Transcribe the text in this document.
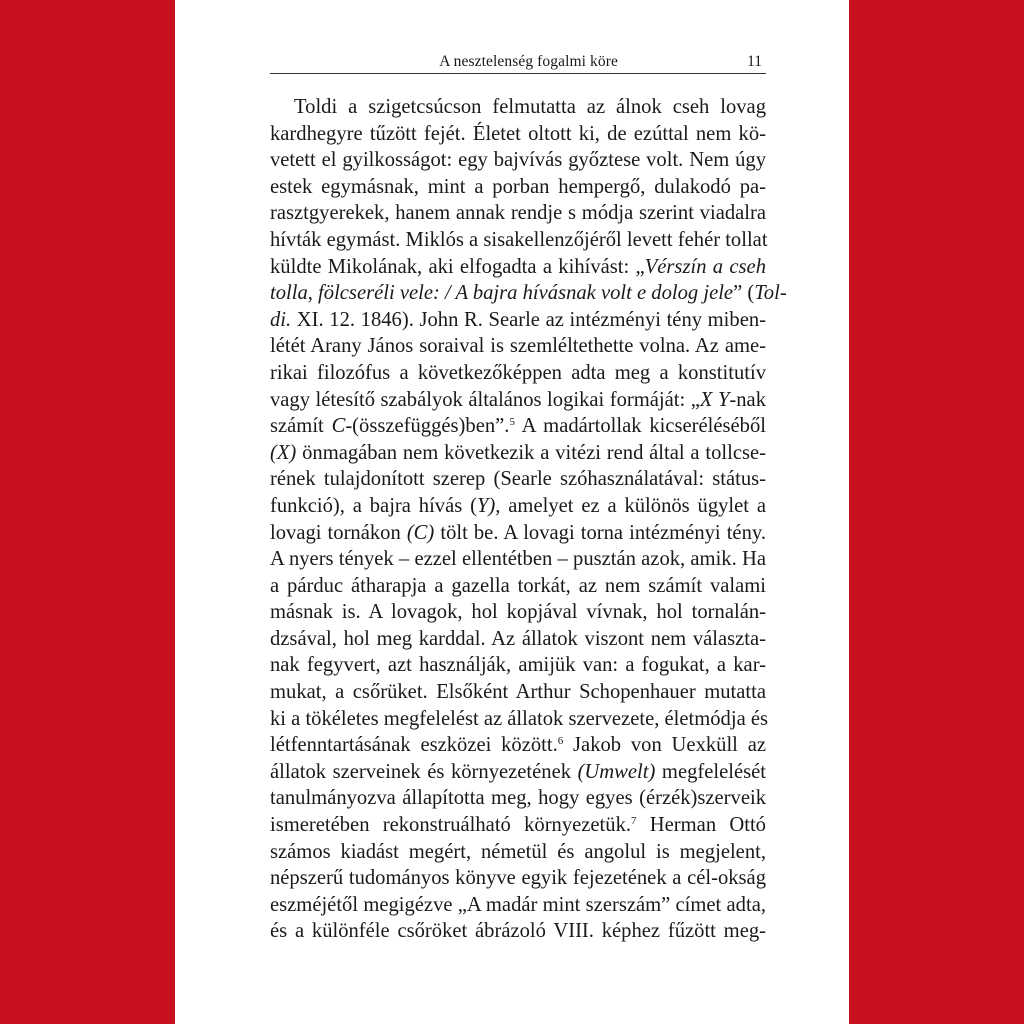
A nesztelenség fogalmi köre	11
Toldi a szigetcsúcson felmutatta az álnok cseh lovag
kardhegyre tűzött fejét. Életet oltott ki, de ezúttal nem kö-
vetett el gyilkosságot: egy bajvívás győztese volt. Nem úgy
estek egymásnak, mint a porban hempergő, dulakodó pa-
rasztgyerekek, hanem annak rendje s módja szerint viadalra
hívták egymást. Miklós a sisakellenzőjéről levett fehér tollat
küldte Mikolának, aki elfogadta a kihívást: „Vérszín a cseh
tolla, fölcseréli vele: / A bajra hívásnak volt e dolog jele” (Tol-
di. XI. 12. 1846). John R. Searle az intézményi tény miben-
létét Arany János soraival is szemléltethette volna. Az ame-
rikai filozófus a következőképpen adta meg a konstitutív
vagy létesítő szabályok általános logikai formáját: „X Y-nak
számít C-(összefüggés)ben”.$^5$ A madártollak kicseréléséből
(X) önmagában nem következik a vitézi rend által a tollcse-
rének tulajdonított szerep (Searle szóhasználatával: státus-
funkció), a bajra hívás (Y), amelyet ez a különös ügylet a
lovagi tornákon (C) tölt be. A lovagi torna intézményi tény.
A nyers tények – ezzel ellentétben – pusztán azok, amik. Ha
a párduc átharapja a gazella torkát, az nem számít valami
másnak is. A lovagok, hol kopjával vívnak, hol tornalán-
dzsával, hol meg karddal. Az állatok viszont nem választa-
nak fegyvert, azt használják, amijük van: a fogukat, a kar-
mukat, a csőrüket. Elsőként Arthur Schopenhauer mutatta
ki a tökéletes megfelelést az állatok szervezete, életmódja és
létfenntartásának eszközei között.$^6$ Jakob von Uexküll az
állatok szerveinek és környezetének (Umwelt) megfelelését
tanulmányozva állapította meg, hogy egyes (érzék)szerveik
ismeretében rekonstruálható környezetük.$^7$ Herman Ottó
számos kiadást megért, németül és angolul is megjelent,
népszerű tudományos könyve egyik fejezetének a cél-okság
eszméjétől megigézve „A madár mint szerszám” címet adta,
és a különféle csőröket ábrázoló VIII. képhez fűzött meg-
